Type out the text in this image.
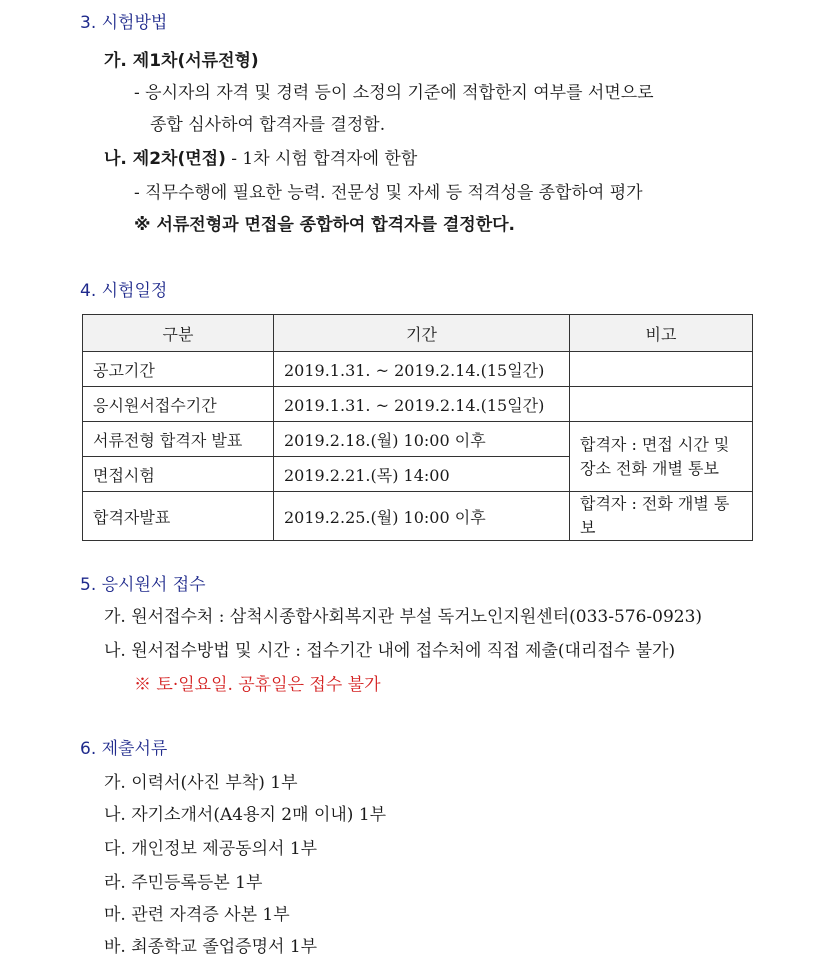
3. 시험방법
가. 제1차(서류전형)
- 응시자의 자격 및 경력 등이 소정의 기준에 적합한지 여부를 서면으로
종합 심사하여 합격자를 결정함.
나. 제2차(면접) - 1차 시험 합격자에 한함
- 직무수행에 필요한 능력. 전문성 및 자세 등 적격성을 종합하여 평가
※ 서류전형과 면접을 종합하여 합격자를 결정한다.
4. 시험일정
구분	기간	비고
공고기간	2019.1.31. ~ 2019.2.14.(15일간)	
응시원서접수기간	2019.1.31. ~ 2019.2.14.(15일간)	
서류전형 합격자 발표	2019.2.18.(월) 10:00 이후	합격자 : 면접 시간 및 장소 전화 개별 통보
면접시험	2019.2.21.(목) 14:00	
합격자발표	2019.2.25.(월) 10:00 이후	합격자 : 전화 개별 통보
5. 응시원서 접수
가. 원서접수처 : 삼척시종합사회복지관 부설 독거노인지원센터(033-576-0923)
나. 원서접수방법 및 시간 : 접수기간 내에 접수처에 직접 제출(대리접수 불가)
※ 토·일요일. 공휴일은 접수 불가
6. 제출서류
가. 이력서(사진 부착) 1부
나. 자기소개서(A4용지 2매 이내) 1부
다. 개인정보 제공동의서 1부
라. 주민등록등본 1부
마. 관련 자격증 사본 1부
바. 최종학교 졸업증명서 1부
